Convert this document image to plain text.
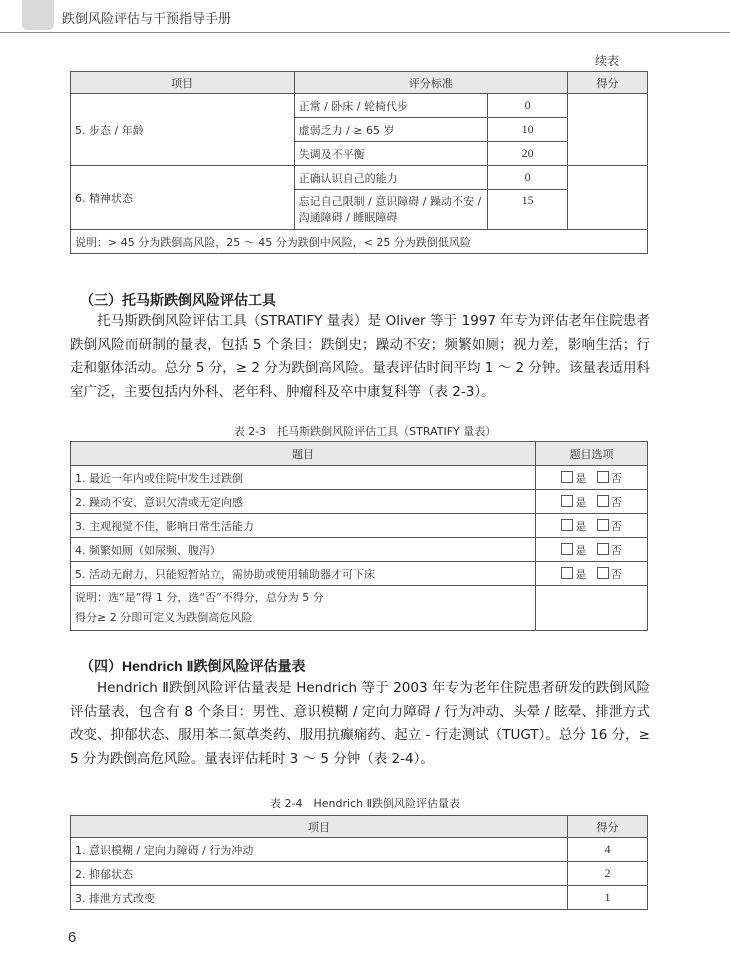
跌倒风险评估与干预指导手册
续表
项目	评分标准		得分
5. 步态 / 年龄	正常 / 卧床 / 轮椅代步	0	
	虚弱乏力 / ≥ 65 岁	10	
	失调及不平衡	20	
6. 精神状态	正确认识自己的能力	0	
	忘记自己限制 / 意识障碍 / 躁动不安 / 沟通障碍 / 睡眠障碍	15	
说明：> 45 分为跌倒高风险，25 ～ 45 分为跌倒中风险，< 25 分为跌倒低风险			
（三）托马斯跌倒风险评估工具
托马斯跌倒风险评估工具（STRATIFY 量表）是 Oliver 等于 1997 年专为评估老年住院患者跌倒风险而研制的量表，包括 5 个条目：跌倒史；躁动不安；频繁如厕；视力差，影响生活；行走和躯体活动。总分 5 分，≥ 2 分为跌倒高风险。量表评估时间平均 1 ～ 2 分钟。该量表适用科室广泛，主要包括内外科、老年科、肿瘤科及卒中康复科等（表 2-3）。
表 2-3　托马斯跌倒风险评估工具（STRATIFY 量表）
题目	题目选项
1. 最近一年内或住院中发生过跌倒	是 否
2. 躁动不安、意识欠清或无定向感	是 否
3. 主观视觉不佳，影响日常生活能力	是 否
4. 频繁如厕（如尿频、腹泻）	是 否
5. 活动无耐力，只能短暂站立，需协助或使用辅助器才可下床	是 否

说明：选“是”得 1 分，选“否”不得分，总分为 5 分
得分≥ 2 分即可定义为跌倒高危风险	

（四）Hendrich Ⅱ跌倒风险评估量表
Hendrich Ⅱ跌倒风险评估量表是 Hendrich 等于 2003 年专为老年住院患者研发的跌倒风险评估量表，包含有 8 个条目：男性、意识模糊 / 定向力障碍 / 行为冲动、头晕 / 眩晕、排泄方式改变、抑郁状态、服用苯二氮䓬类药、服用抗癫痫药、起立 - 行走测试（TUGT）。总分 16 分，≥ 5 分为跌倒高危风险。量表评估耗时 3 ～ 5 分钟（表 2-4）。
表 2-4　Hendrich Ⅱ跌倒风险评估量表
项目	得分
1. 意识模糊 / 定向力障碍 / 行为冲动	4
2. 抑郁状态	2
3. 排泄方式改变	1
6
